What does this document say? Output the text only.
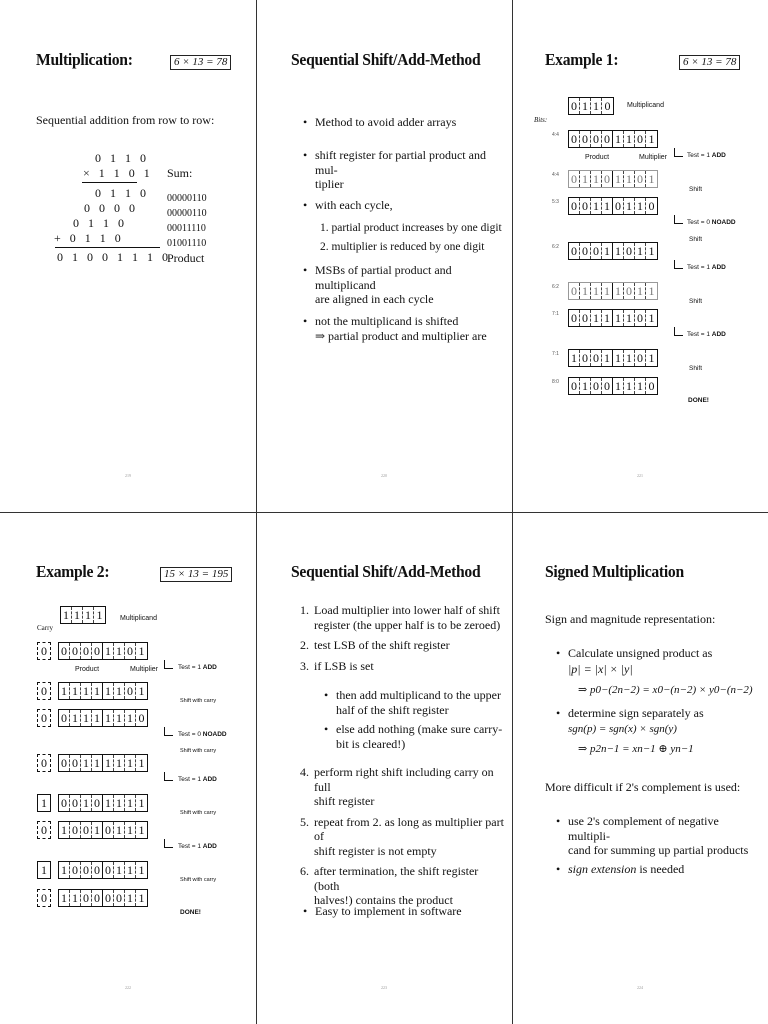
Multiplication:	6 × 13 = 78
Sequential addition from row to row:
0 1 1 0
× 1 1 0 1
0 1 1 0
0 0 0 0
0 1 1 0
+ 0 1 1 0
0 1 0 0 1 1 1 0
Sum:
00000110
00000110
00011110
01001110
Product
219
Sequential Shift/Add-Method
• Method to avoid adder arrays
• shift register for partial product and mul-
tiplier
• with each cycle,
1. partial product increases by one digit
2. multiplier is reduced by one digit
• MSBs of partial product and multiplicand
are aligned in each cycle
• not the multiplicand is shifted
⇒ partial product and multiplier are
220
Example 1:	6 × 13 = 78
0 1 1 0	Multiplicand
Bits:
4:4 0 0 0 0 1 1 0 1
Test = 1 ADD
4:4 0 1 1 0 1 1 0 1
Shift
5:3 0 0 1 1 0 1 1 0
Test = 0 NOADD
6:2 0 0 0 1 1 0 1 1
Test = 1 ADD
6:2 0 1 1 1 1 0 1 1
Shift
7:1 0 0 1 1 1 1 0 1
Test = 1 ADD
7:1 1 0 0 1 1 1 0 1
Shift
8:0 0 1 0 0 1 1 1 0
DONE!
Product	Multiplier
Shift
221
Example 2:	15 × 13 = 195
1 1 1 1	Multiplicand
Carry
0	0 0 0 0 1 1 0 1
Test = 1 ADD
0	1 1 1 1 1 1 0 1
Shift with carry
0	0 1 1 1 1 1 1 0
Test = 0 NOADD
0	0 0 1 1 1 1 1 1
Test = 1 ADD
1	0 0 1 0 1 1 1 1
Shift with carry
0	1 0 0 1 0 1 1 1
Test = 1 ADD
1	1 0 0 0 0 1 1 1
Shift with carry
0	1 1 0 0 0 0 1 1
DONE!
Product	Multiplier
Shift with carry
222
Sequential Shift/Add-Method
1. Load multiplier into lower half of shift
register (the upper half is to be zeroed)
2. test LSB of the shift register
3. if LSB is set
• then add multiplicand to the upper
half of the shift register
• else add nothing (make sure carry-
bit is cleared!)
4. perform right shift including carry on full
shift register
5. repeat from 2. as long as multiplier part of
shift register is not empty
6. after termination, the shift register (both
halves!) contains the product
• Easy to implement in software
223
Signed Multiplication
Sign and magnitude representation:
• Calculate unsigned product as
|p| = |x| × |y|
⇒ p0−(2n−2) = x0−(n−2) × y0−(n−2)
• determine sign separately as
sgn(p) = sgn(x) × sgn(y)
⇒ p2n−1 = xn−1 ⊕ yn−1
More difficult if 2's complement is used:
• use 2's complement of negative multipli-
cand for summing up partial products
• sign extension is needed
224
